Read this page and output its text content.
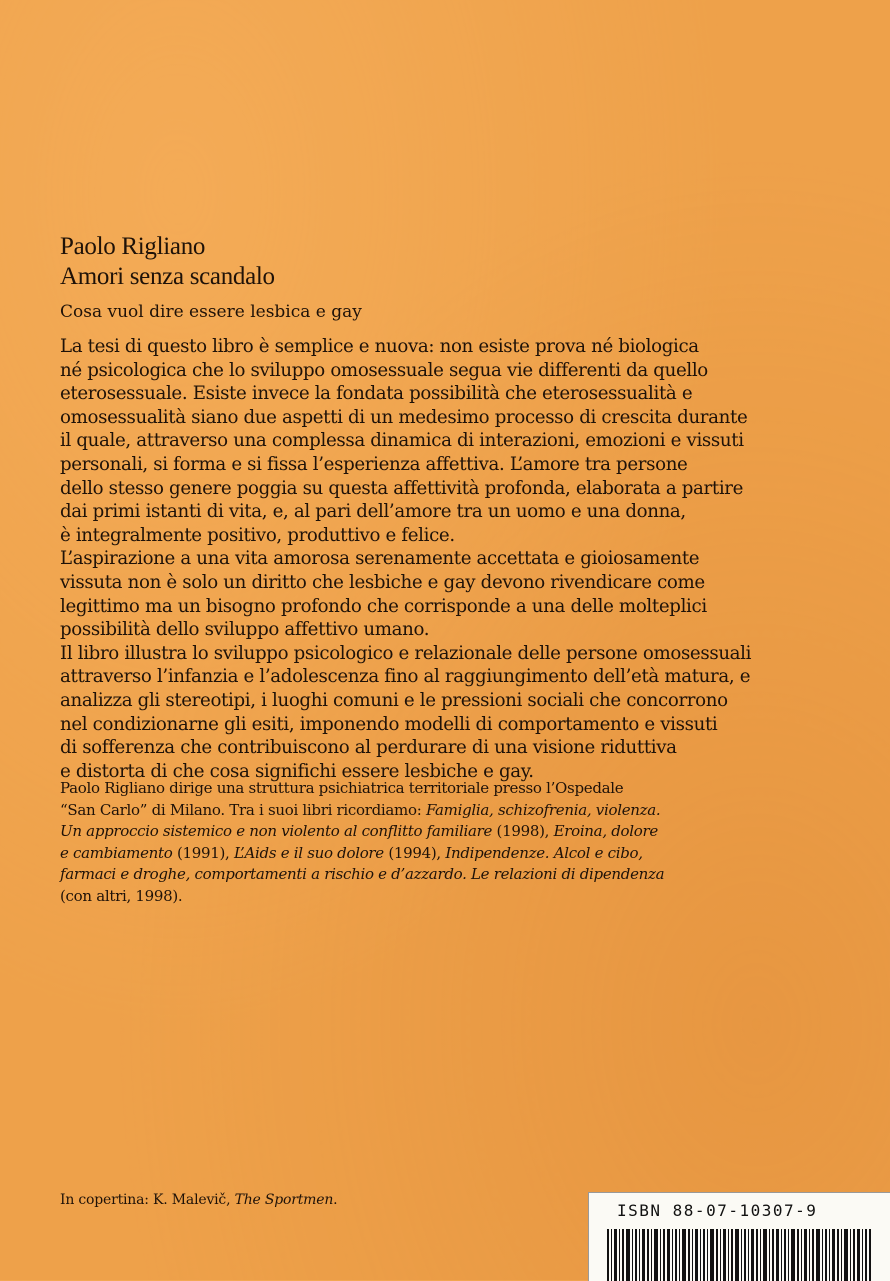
Paolo Rigliano
Amori senza scandalo
Cosa vuol dire essere lesbica e gay

La tesi di questo libro è semplice e nuova: non esiste prova né biologica

né psicologica che lo sviluppo omosessuale segua vie differenti da quello

eterosessuale. Esiste invece la fondata possibilità che eterosessualità e

omosessualità siano due aspetti di un medesimo processo di crescita durante

il quale, attraverso una complessa dinamica di interazioni, emozioni e vissuti

personali, si forma e si fissa l’esperienza affettiva. L’amore tra persone

dello stesso genere poggia su questa affettività profonda, elaborata a partire

dai primi istanti di vita, e, al pari dell’amore tra un uomo e una donna,

è integralmente positivo, produttivo e felice.

L’aspirazione a una vita amorosa serenamente accettata e gioiosamente

vissuta non è solo un diritto che lesbiche e gay devono rivendicare come

legittimo ma un bisogno profondo che corrisponde a una delle molteplici

possibilità dello sviluppo affettivo umano.

Il libro illustra lo sviluppo psicologico e relazionale delle persone omosessuali

attraverso l’infanzia e l’adolescenza fino al raggiungimento dell’età matura, e

analizza gli stereotipi, i luoghi comuni e le pressioni sociali che concorrono

nel condizionarne gli esiti, imponendo modelli di comportamento e vissuti

di sofferenza che contribuiscono al perdurare di una visione riduttiva

e distorta di che cosa significhi essere lesbiche e gay.

Paolo Rigliano dirige una struttura psichiatrica territoriale presso l’Ospedale

“San Carlo” di Milano. Tra i suoi libri ricordiamo: Famiglia, schizofrenia, violenza.

Un approccio sistemico e non violento al conflitto familiare (1998), Eroina, dolore

e cambiamento (1991), L’Aids e il suo dolore (1994), Indipendenze. Alcol e cibo,

farmaci e droghe, comportamenti a rischio e d’azzardo. Le relazioni di dipendenza

(con altri, 1998).

In copertina: K. Malevič, The Sportmen.
ISBN 88-07-10307-9
